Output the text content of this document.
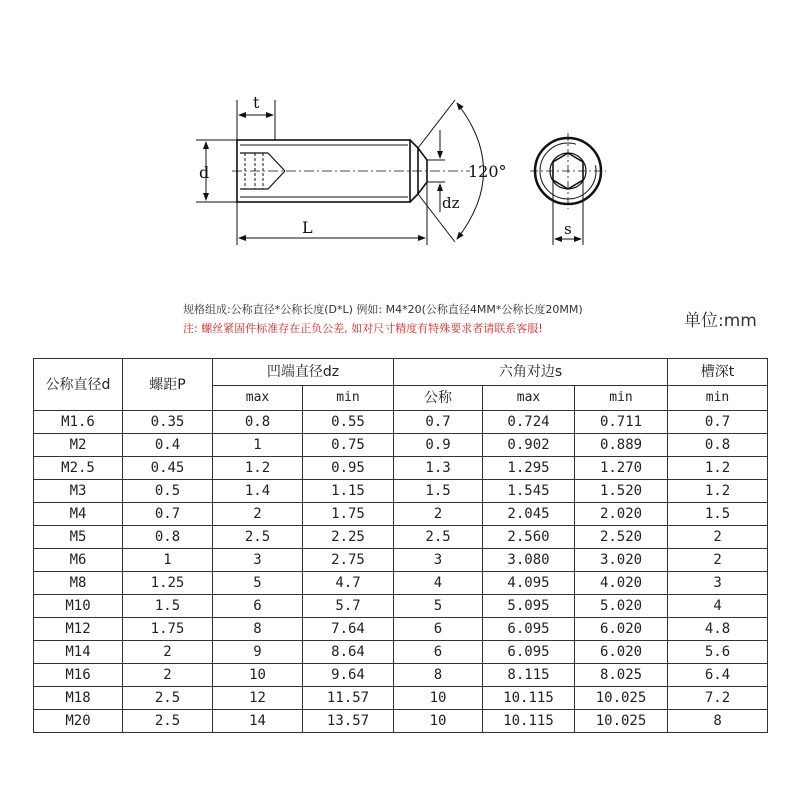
t
d
L
dz
120°
s
规格组成:公称直径*公称长度(D*L) 例如: M4*20(公称直径4MM*公称长度20MM)
注: 螺丝紧固件标准存在正负公差, 如对尺寸精度有特殊要求者请联系客服!	单位:mm
公称直径d	螺距P	凹端直径dz		六角对边s			槽深t
		max	min	公称	max	min	min
M1.6	0.35	0.8	0.55	0.7	0.724	0.711	0.7
M2	0.4	1	0.75	0.9	0.902	0.889	0.8
M2.5	0.45	1.2	0.95	1.3	1.295	1.270	1.2
M3	0.5	1.4	1.15	1.5	1.545	1.520	1.2
M4	0.7	2	1.75	2	2.045	2.020	1.5
M5	0.8	2.5	2.25	2.5	2.560	2.520	2
M6	1	3	2.75	3	3.080	3.020	2
M8	1.25	5	4.7	4	4.095	4.020	3
M10	1.5	6	5.7	5	5.095	5.020	4
M12	1.75	8	7.64	6	6.095	6.020	4.8
M14	2	9	8.64	6	6.095	6.020	5.6
M16	2	10	9.64	8	8.115	8.025	6.4
M18	2.5	12	11.57	10	10.115	10.025	7.2
M20	2.5	14	13.57	10	10.115	10.025	8
